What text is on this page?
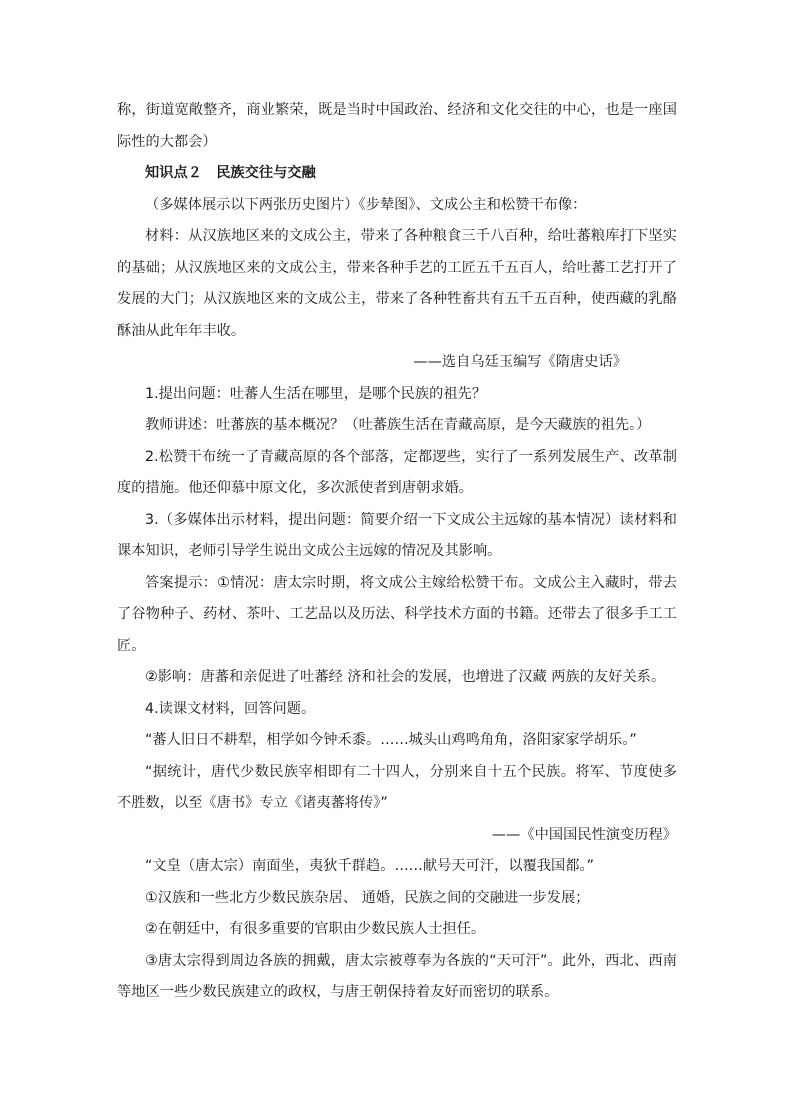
称，街道宽敞整齐，商业繁荣，既是当时中国政治、经济和文化交往的中心，也是一座国际性的大都会）

知识点２　民族交往与交融

（多媒体展示以下两张历史图片）《步辇图》、文成公主和松赞干布像：

材料：从汉族地区来的文成公主，带来了各种粮食三千八百种，给吐蕃粮库打下坚实的基础；从汉族地区来的文成公主，带来各种手艺的工匠五千五百人，给吐蕃工艺打开了发展的大门；从汉族地区来的文成公主，带来了各种牲畜共有五千五百种，使西藏的乳酪酥油从此年年丰收。

——选自乌廷玉编写《隋唐史话》

1.提出问题：吐蕃人生活在哪里，是哪个民族的祖先？

教师讲述：吐蕃族的基本概况？（吐蕃族生活在青藏高原，是今天藏族的祖先。）

2.松赞干布统一了青藏高原的各个部落，定都逻些，实行了一系列发展生产、改革制度的措施。他还仰慕中原文化，多次派使者到唐朝求婚。

3.（多媒体出示材料，提出问题：简要介绍一下文成公主远嫁的基本情况）读材料和课本知识，老师引导学生说出文成公主远嫁的情况及其影响。

答案提示：①情况：唐太宗时期，将文成公主嫁给松赞干布。文成公主入藏时，带去了谷物种子、药材、茶叶、工艺品以及历法、科学技术方面的书籍。还带去了很多手工工匠。

②影响：唐蕃和亲促进了吐蕃经 济和社会的发展，也增进了汉藏 两族的友好关系。

4.读课文材料，回答问题。

“蕃人旧日不耕犁，相学如今钟禾黍。……城头山鸡鸣角角，洛阳家家学胡乐。”

“据统计，唐代少数民族宰相即有二十四人，分别来自十五个民族。将军、节度使多不胜数，以至《唐书》专立《诸夷蕃将传》”

——《中国国民性演变历程》

“文皇（唐太宗）南面坐，夷狄千群趋。……献号天可汗，以覆我国都。”

①汉族和一些北方少数民族杂居、 通婚，民族之间的交融进一步发展；

②在朝廷中，有很多重要的官职由少数民族人士担任。

③唐太宗得到周边各族的拥戴，唐太宗被尊奉为各族的“天可汗”。此外，西北、西南等地区一些少数民族建立的政权，与唐王朝保持着友好而密切的联系。
